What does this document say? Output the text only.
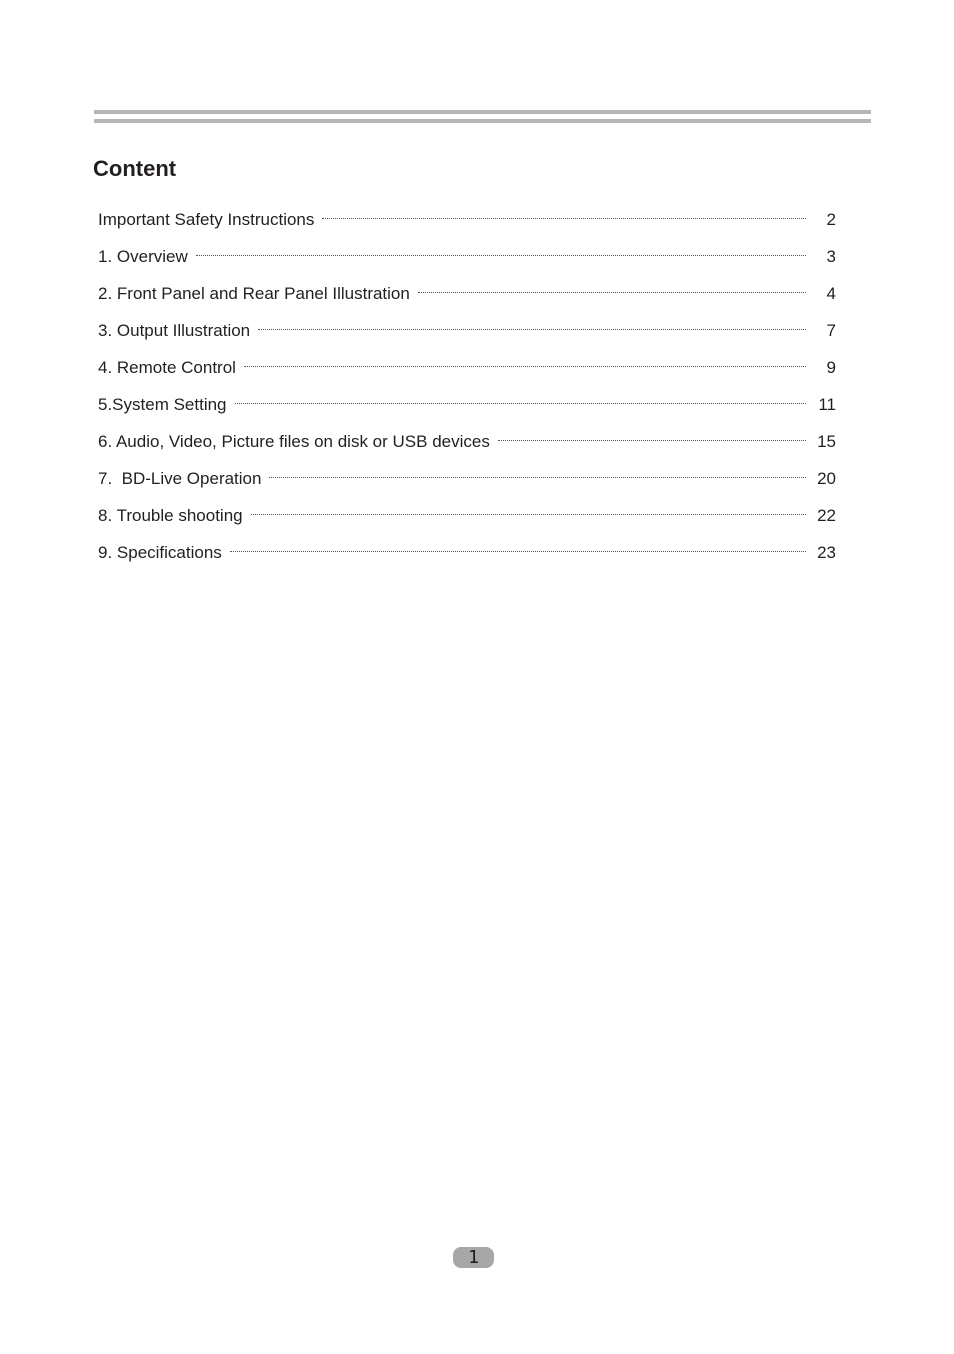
Content
Important Safety Instructions	2
1. Overview	3
2. Front Panel and Rear Panel Illustration	4
3. Output Illustration	7
4. Remote Control	9
5.System Setting	11
6. Audio, Video, Picture files on disk or USB devices	15
7.  BD-Live Operation	20
8. Trouble shooting	22
9. Specifications	23
1
